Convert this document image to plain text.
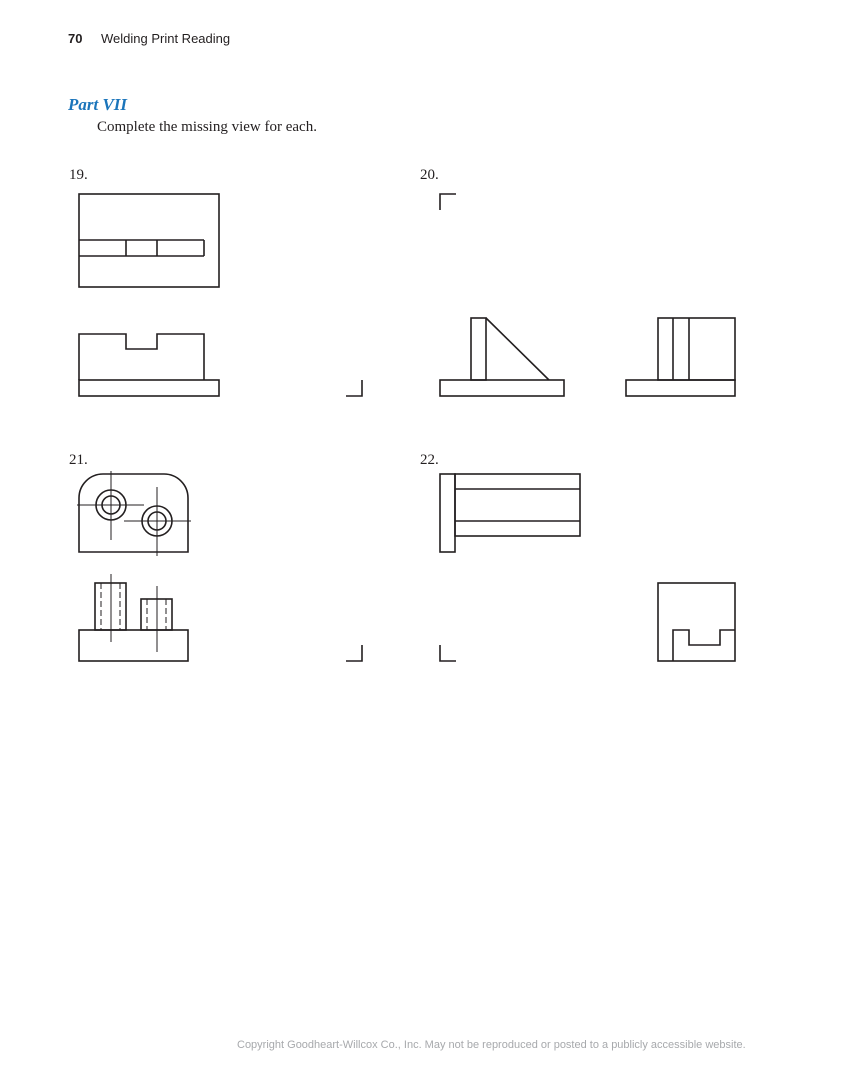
70 Welding Print Reading
Part VII
Complete the missing view for each.
19.	20.
21.	22.
Copyright Goodheart-Willcox Co., Inc. May not be reproduced or posted to a publicly accessible website.
